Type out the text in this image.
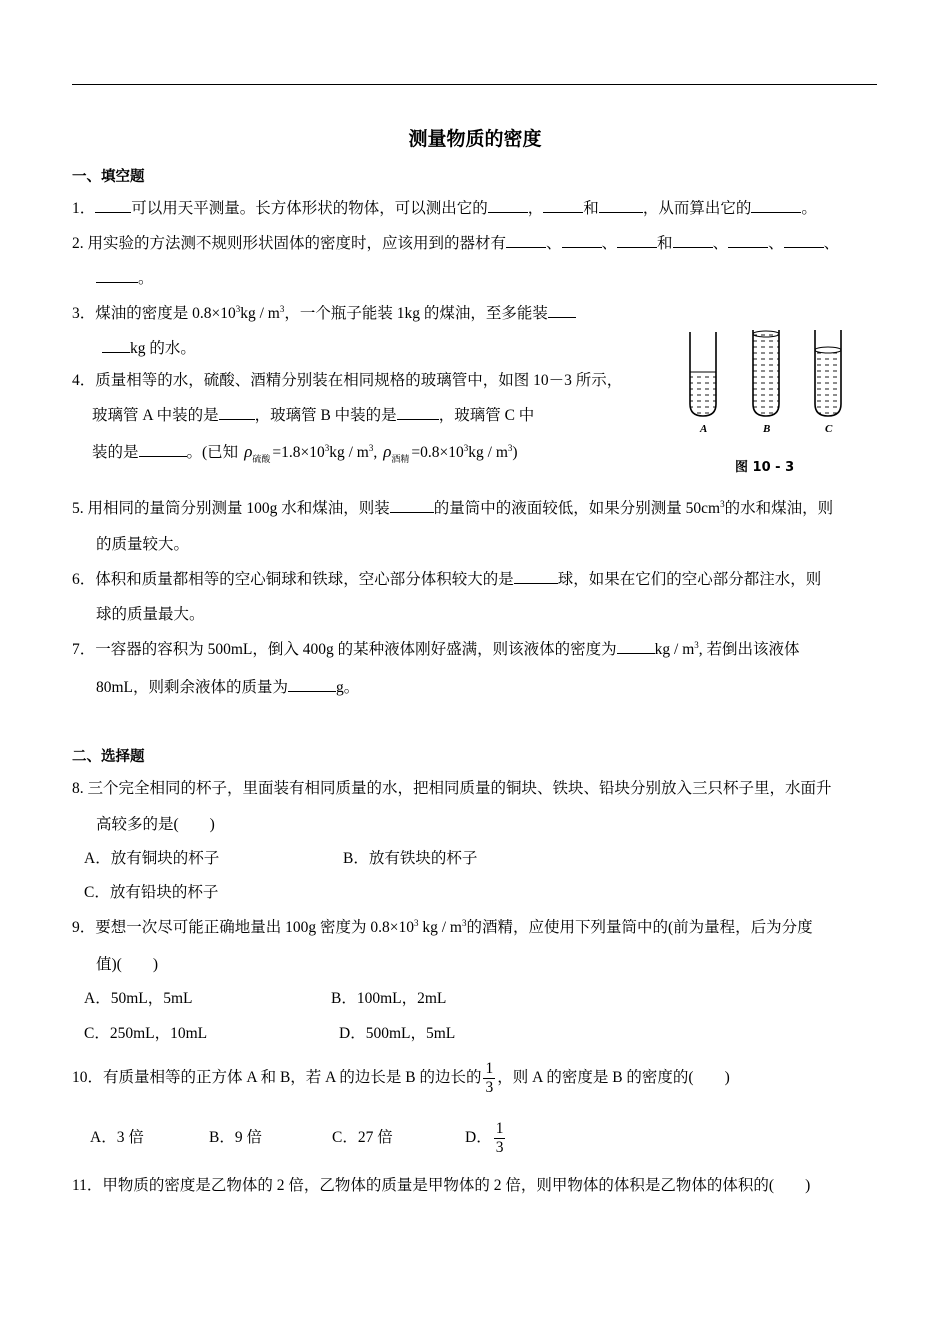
测量物质的密度
一、填空题
1． 可以用天平测量。长方体形状的物体，可以测出它的	，	和	，从而算出它的	。
2. 用实验的方法测不规则形状固体的密度时，应该用到的器材有	、	、	和	、	、	、
。
3．煤油的密度是 $0.8\times 10^3kg / m^3$，一个瓶子能装 1kg 的煤油，至多能装
kg 的水。
4．质量相等的水，硫酸、酒精分别装在相同规格的玻璃管中，如图 10－3 所示，
玻璃管 A 中装的是 ，玻璃管 B 中装的是	，玻璃管 C 中
装的是	。(已知 $\rho_{硫酸} =1.8\times 10^3kg / m^3$, $\rho_{酒精} =0.8\times 10^3kg / m^3$)
A	B	C
图 10 - 3
5. 用相同的量筒分别测量 100g 水和煤油，则装	的量筒中的液面较低，如果分别测量 $50cm^3$的水和煤油，则
的质量较大。
6．体积和质量都相等的空心铜球和铁球，空心部分体积较大的是	球，如果在它们的空心部分都注水，则
球的质量最大。
7．一容器的容积为 500mL，倒入 400g 的某种液体刚好盛满，则该液体的密度为 kg / $m^3$, 若倒出该液体
80mL，则剩余液体的质量为	g。
二、选择题
8. 三个完全相同的杯子，里面装有相同质量的水，把相同质量的铜块、铁块、铅块分别放入三只杯子里，水面升
高较多的是(　　)
A．放有铜块的杯子	B．放有铁块的杯子
C．放有铅块的杯子
9．要想一次尽可能正确地量出 100g 密度为 $0.8\times 10^3$ kg / $m^3$的酒精，应使用下列量筒中的(前为量程，后为分度
值)(　　)
A．50mL，5mL	B．100mL，2mL
C．250mL，10mL	D．500mL，5mL
10．有质量相等的正方体 A 和 B，若 A 的边长是 B 的边长的 $\frac{1}{3}$ ，则 A 的密度是 B 的密度的(　　)
A．3 倍	B．9 倍	C．27 倍	D． $\frac{1}{3}$
11．甲物质的密度是乙物体的 2 倍，乙物体的质量是甲物体的 2 倍，则甲物体的体积是乙物体的体积的(　　)
